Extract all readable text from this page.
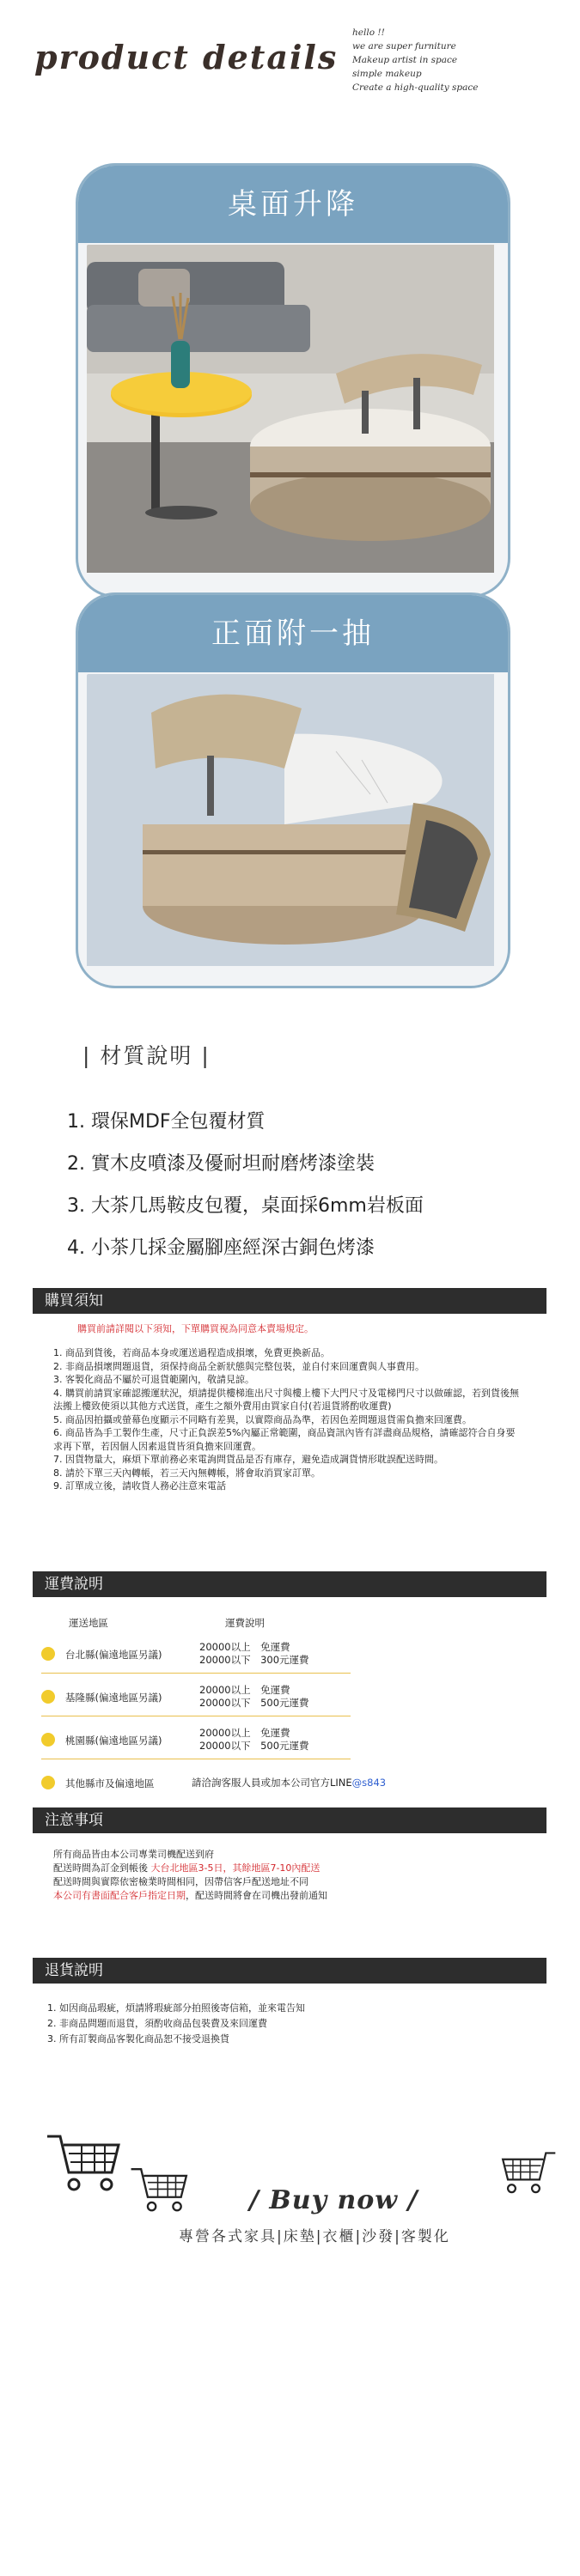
product details
hello !!
we are super furniture
Makeup artist in space
simple makeup
Create a high-quality space
桌面升降
正面附一抽
| 材質說明 |
1. 環保MDF全包覆材質
2. 實木皮噴漆及優耐坦耐磨烤漆塗裝
3. 大茶几馬鞍皮包覆，桌面採6mm岩板面
4. 小茶几採金屬腳座經深古銅色烤漆
購買須知
購買前請詳閱以下須知，下單購買視為同意本賣場規定。
1. 商品到貨後，若商品本身或運送過程造成損壞，免費更換新品。
2. 非商品損壞問題退貨，須保持商品全新狀態與完整包裝，並自付來回運費與人事費用。
3. 客製化商品不屬於可退貨範圍內，敬請見諒。
4. 購買前請買家確認搬運狀況，煩請提供樓梯進出尺寸與樓上樓下大門尺寸及電梯門尺寸以做確認，若到貨後無法搬上樓致使須以其他方式送貨，產生之額外費用由買家自付(若退貨將酌收運費)
5. 商品因拍攝或螢幕色度顯示不同略有差異，以實際商品為準，若因色差問題退貨需負擔來回運費。
6. 商品皆為手工製作生產，尺寸正負誤差5%內屬正常範圍，商品資訊內皆有詳盡商品規格，請確認符合自身要求再下單，若因個人因素退貨皆須負擔來回運費。
7. 因貨物量大，麻煩下單前務必來電詢問貨品是否有庫存，避免造成調貨情形耽誤配送時間。
8. 請於下單三天內轉帳，若三天內無轉帳，將會取消買家訂單。
9. 訂單成立後，請收貨人務必注意來電話
運費說明
運送地區	運費說明
台北縣(偏遠地區另議)
20000以上　免運費
20000以下　300元運費
基隆縣(偏遠地區另議)
20000以上　免運費
20000以下　500元運費
桃園縣(偏遠地區另議)
20000以上　免運費
20000以下　500元運費
其他縣市及偏遠地區	請洽詢客服人員或加本公司官方LINE@s843
注意事項
所有商品皆由本公司專業司機配送到府
配送時間為訂金到帳後 大台北地區3-5日，其餘地區7-10內配送
配送時間與實際依密檢業時間相同，因帶信客戶配送地址不同
本公司有書面配合客戶指定日期，配送時間將會在司機出發前通知
退貨說明
1. 如因商品瑕疵，煩請將瑕疵部分拍照後寄信箱，並來電告知
2. 非商品問題而退貨，須酌收商品包裝費及來回運費
3. 所有訂製商品客製化商品恕不接受退換貨
/ Buy now /
專營各式家具|床墊|衣櫃|沙發|客製化
